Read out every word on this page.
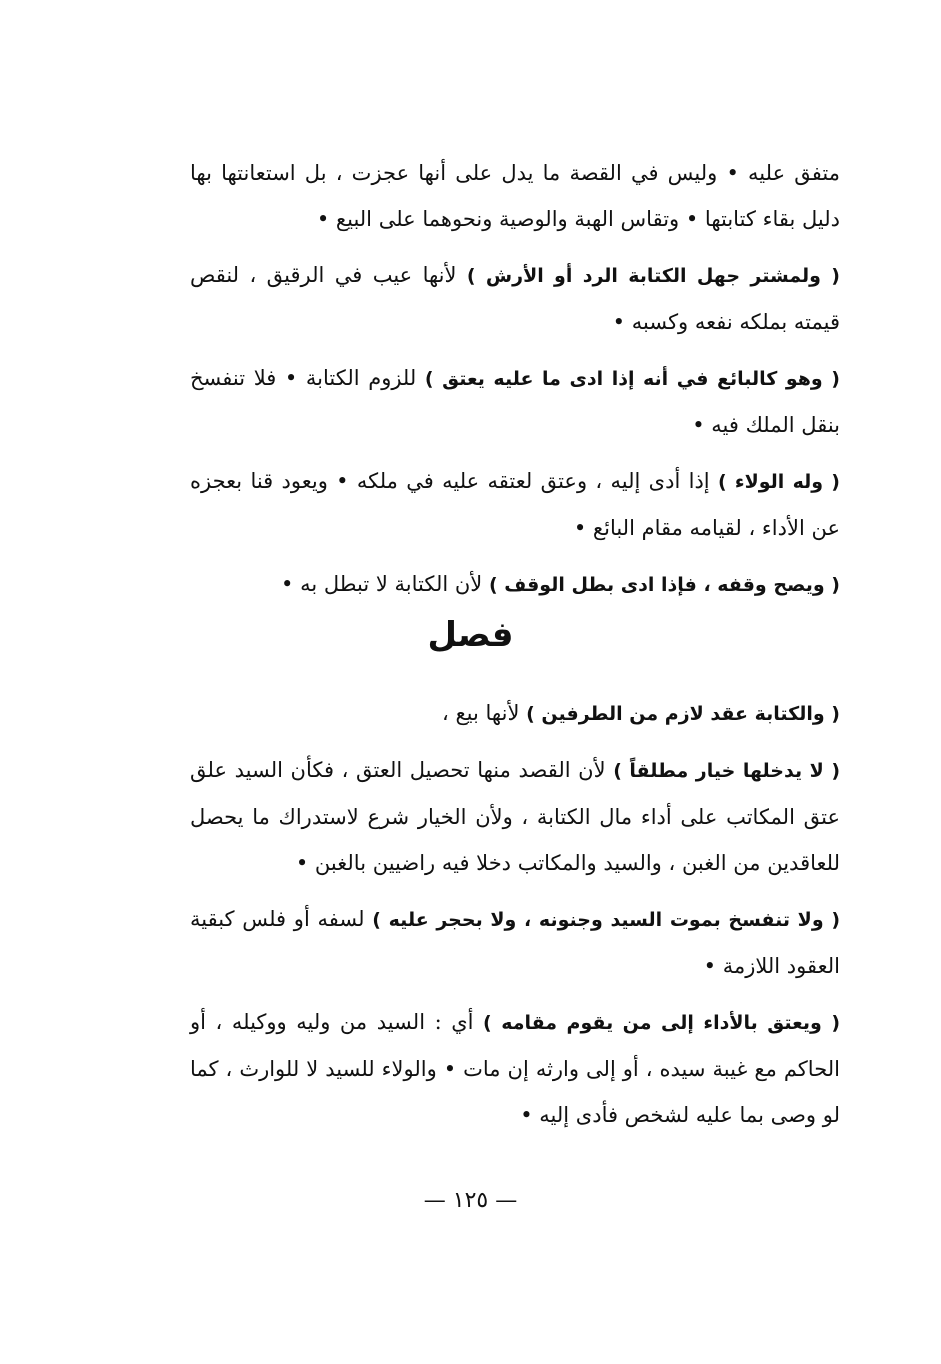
متفق عليه • وليس في القصة ما يدل على أنها عجزت ، بل استعانتها بها دليل بقاء كتابتها • وتقاس الهبة والوصية ونحوهما على البيع •

( ولمشتر جهل الكتابة الرد أو الأرش ) لأنها عيب في الرقيق ، لنقص قيمته بملكه نفعه وكسبه •

( وهو كالبائع في أنه إذا ادى ما عليه يعتق ) للزوم الكتابة • فلا تنفسخ بنقل الملك فيه •

( وله الولاء ) إذا أدى إليه ، وعتق لعتقه عليه في ملكه • ويعود قنا بعجزه عن الأداء ، لقيامه مقام البائع •

( ويصح وقفه ، فإذا ادى بطل الوقف ) لأن الكتابة لا تبطل به •

فصل

( والكتابة عقد لازم من الطرفين ) لأنها بيع ،

( لا يدخلها خيار مطلقاً ) لأن القصد منها تحصيل العتق ، فكأن السيد علق عتق المكاتب على أداء مال الكتابة ، ولأن الخيار شرع لاستدراك ما يحصل للعاقدين من الغبن ، والسيد والمكاتب دخلا فيه راضيين بالغبن •

( ولا تنفسخ بموت السيد وجنونه ، ولا بحجر عليه ) لسفه أو فلس كبقية العقود اللازمة •

( ويعتق بالأداء إلى من يقوم مقامه ) أي : السيد من وليه ووكيله ، أو الحاكم مع غيبة سيده ، أو إلى وارثه إن مات • والولاء للسيد لا للوارث ، كما لو وصى بما عليه لشخص فأدى إليه •

— ١٢٥ —
